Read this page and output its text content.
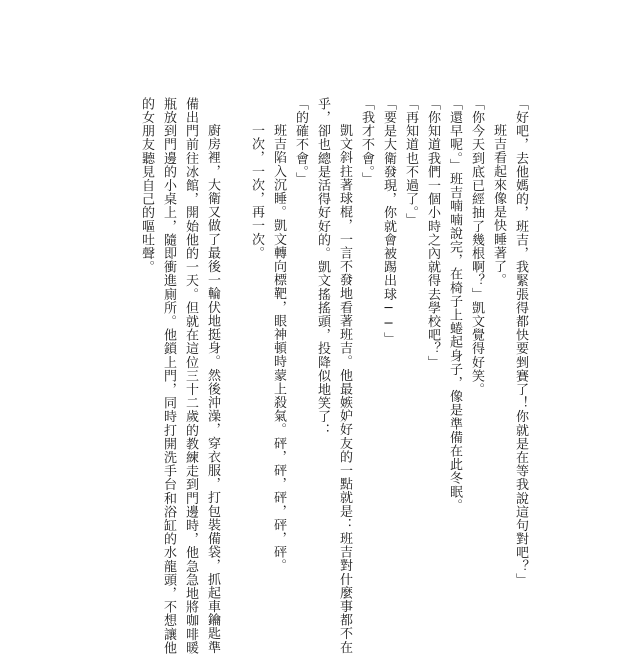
「好吧，去他媽的，班吉，我緊張得都快要剉賽了！你就是在等我說這句對吧？」
　班吉看起來像是快睡著了。
「你今天到底已經抽了幾根啊？」凱文覺得好笑。
「還早呢。」班吉喃喃說完，在椅子上蜷起身子，像是準備在此冬眠。
「你知道我們一個小時之內就得去學校吧？」
「再知道也不過了。」
「要是大衛發現，你就會被踢出球──」
「我才不會。」
　凱文斜拄著球棍，一言不發地看著班吉。他最嫉妒好友的一點就是：班吉對什麼事都不在
乎，卻也總是活得好好的。凱文搖搖頭，投降似地笑了：
「的確不會。」
　班吉陷入沉睡。凱文轉向標靶，眼神頓時蒙上殺氣。砰，砰，砰，砰，砰。
　一次，一次，再一次。
　廚房裡，大衛又做了最後一輪伏地挺身。然後沖澡，穿衣服，打包裝備袋，抓起車鑰匙準
備出門前往冰館，開始他的一天。但就在這位三十二歲的教練走到門邊時，他急急地將咖啡暖
瓶放到門邊的小桌上，隨即衝進廁所。他鎖上門，同時打開洗手台和浴缸的水龍頭，不想讓他
的女朋友聽見自己的嘔吐聲。
